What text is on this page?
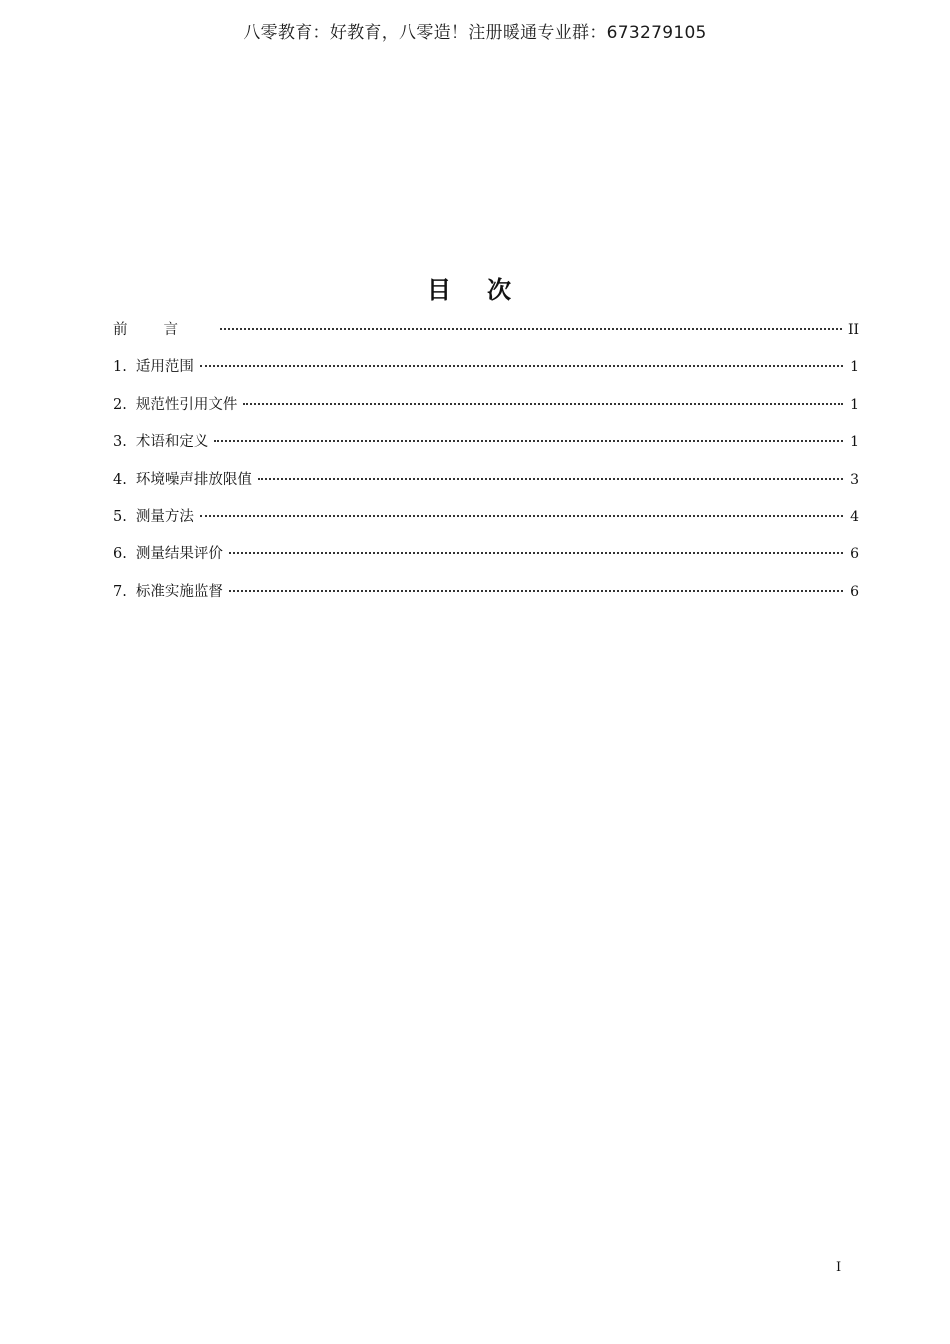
八零教育：好教育，八零造！注册暖通专业群：673279105
目次
前言	II
1. 适用范围	1
2. 规范性引用文件	1
3. 术语和定义	1
4. 环境噪声排放限值	3
5. 测量方法	4
6. 测量结果评价	6
7. 标准实施监督	6
I
